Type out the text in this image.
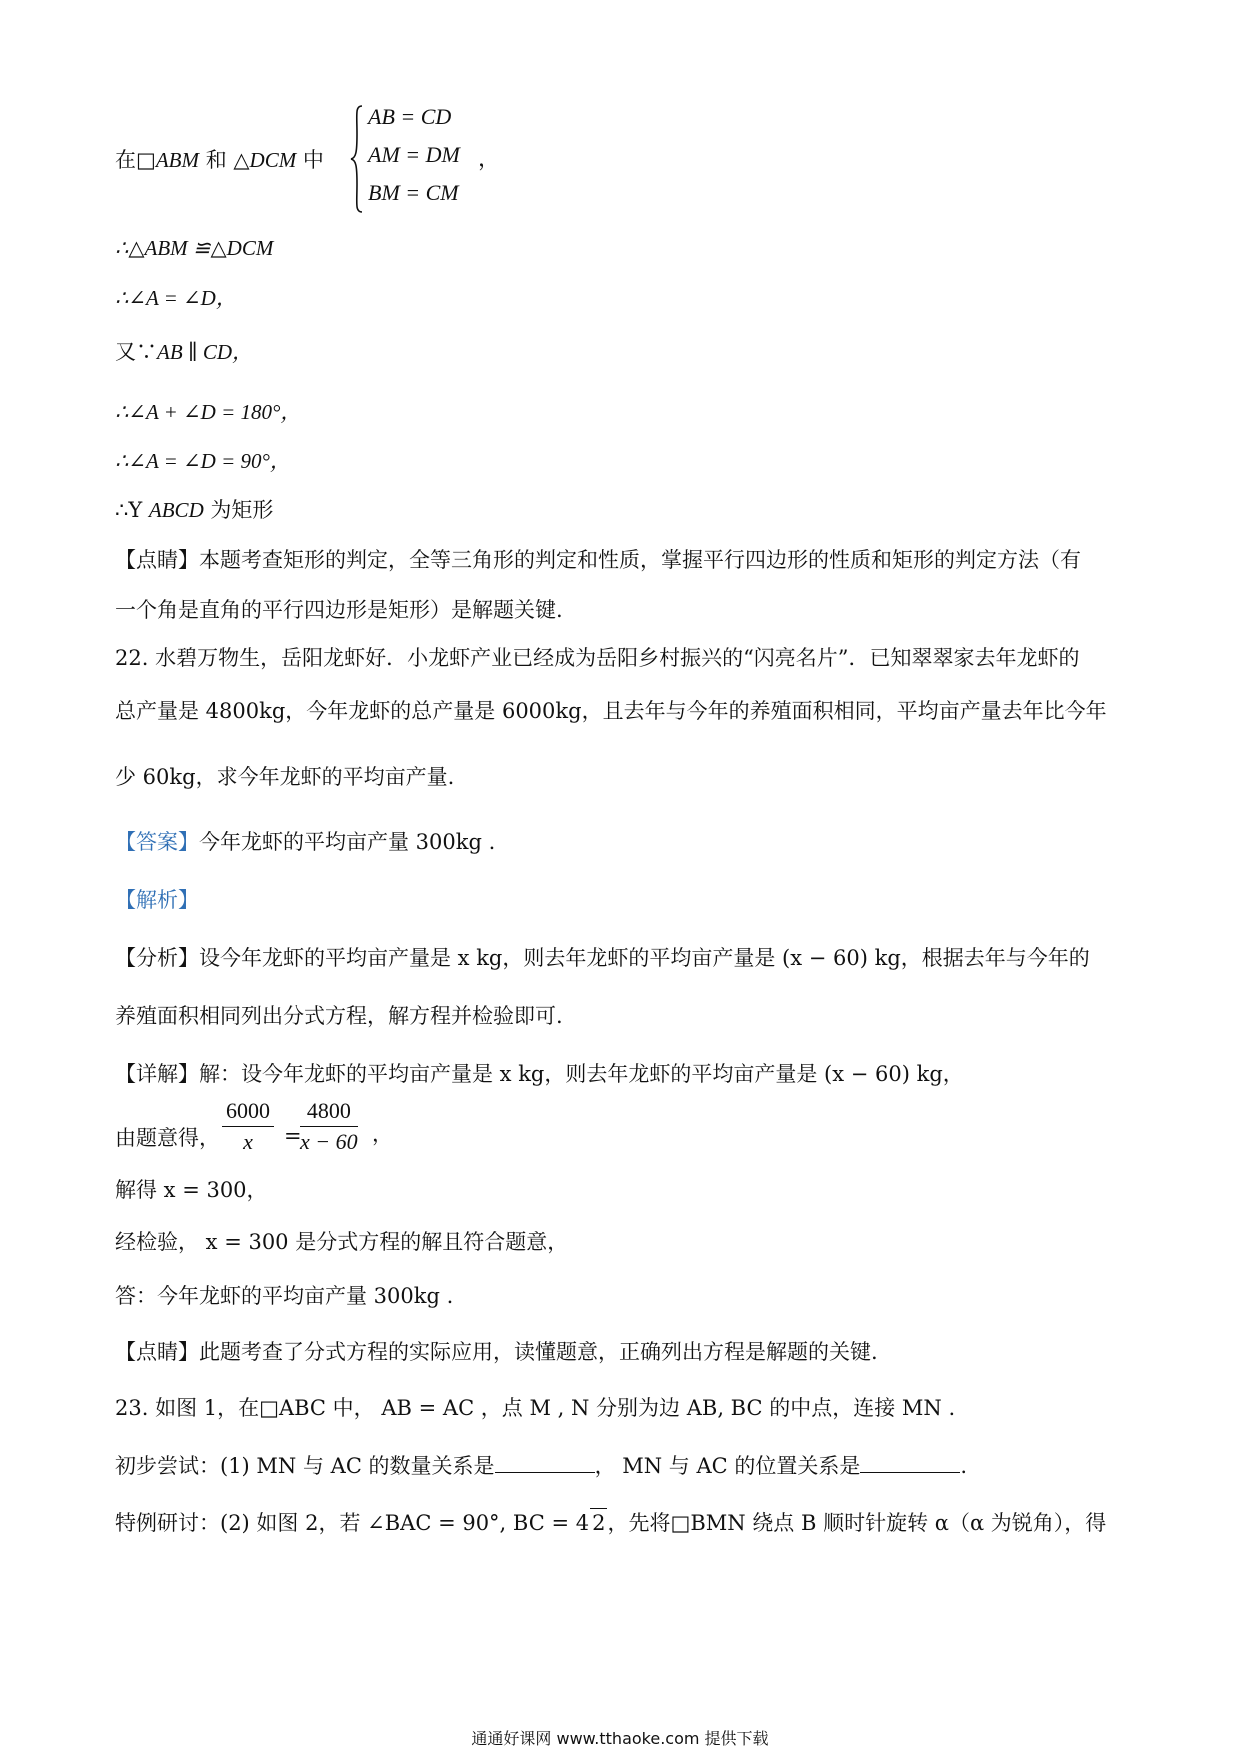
在□ABM 和 △DCM 中
AB = CD
AM = DM
BM = CM
，
∴△ABM ≌△DCM
∴∠A = ∠D，
又∵AB ∥ CD，
∴∠A + ∠D = 180°，
∴∠A = ∠D = 90°，
∴Y ABCD 为矩形
【点睛】本题考查矩形的判定，全等三角形的判定和性质，掌握平行四边形的性质和矩形的判定方法（有
一个角是直角的平行四边形是矩形）是解题关键.
22. 水碧万物生，岳阳龙虾好．小龙虾产业已经成为岳阳乡村振兴的“闪亮名片”．已知翠翠家去年龙虾的
总产量是 4800kg，今年龙虾的总产量是 6000kg，且去年与今年的养殖面积相同，平均亩产量去年比今年
少 60kg，求今年龙虾的平均亩产量.
【答案】今年龙虾的平均亩产量 300kg .
【解析】
【分析】设今年龙虾的平均亩产量是 x kg，则去年龙虾的平均亩产量是 (x − 60) kg，根据去年与今年的
养殖面积相同列出分式方程，解方程并检验即可.
【详解】解：设今年龙虾的平均亩产量是 x kg，则去年龙虾的平均亩产量是 (x − 60) kg，
由题意得， $\frac{6000}{x}$ =
$\frac{4800}{x - 60}$ ，
解得 x = 300，
经检验， x = 300 是分式方程的解且符合题意，
答：今年龙虾的平均亩产量 300kg .
【点睛】此题考查了分式方程的实际应用，读懂题意，正确列出方程是解题的关键.
23. 如图 1，在□ABC 中， AB = AC ，点 M , N 分别为边 AB, BC 的中点，连接 MN .
初步尝试：(1) MN 与 AC 的数量关系是	， MN 与 AC 的位置关系是	.
特例研讨：(2) 如图 2，若 ∠BAC = 90°, BC = 4 2，先将□BMN 绕点 B 顺时针旋转 α（α 为锐角），得
通通好课网 www.tthaoke.com 提供下载
